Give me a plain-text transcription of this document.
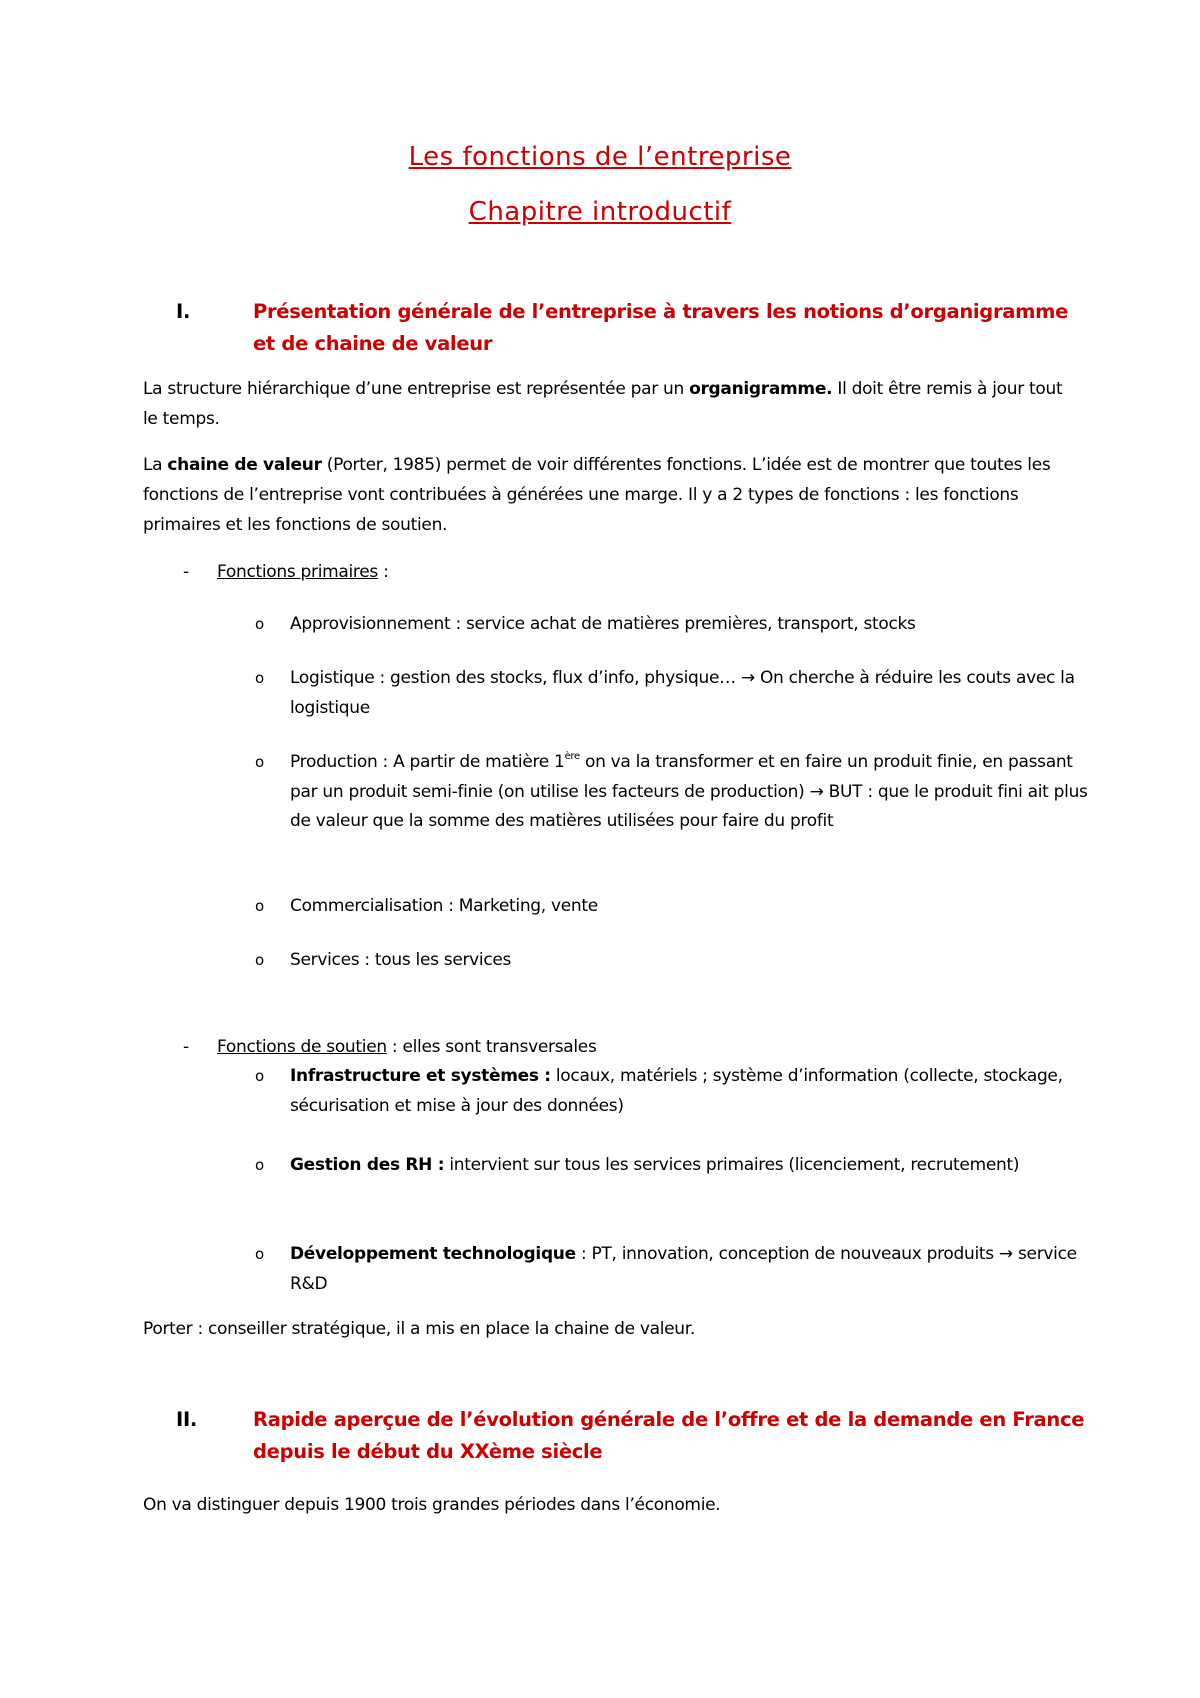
Les fonctions de l’entreprise
Chapitre introductif
I.	Présentation générale de l’entreprise à travers les notions d’organigramme et de chaine de valeur
La structure hiérarchique d’une entreprise est représentée par un organigramme. Il doit être remis à jour tout le temps.
La chaine de valeur (Porter, 1985) permet de voir différentes fonctions. L’idée est de montrer que toutes les fonctions de l’entreprise vont contribuées à générées une marge. Il y a 2 types de fonctions : les fonctions primaires et les fonctions de soutien.
- Fonctions primaires :
o Approvisionnement : service achat de matières premières, transport, stocks
o Logistique : gestion des stocks, flux d’info, physique… → On cherche à réduire les couts avec la logistique
o Production : A partir de matière 1ère on va la transformer et en faire un produit finie, en passant par un produit semi-finie (on utilise les facteurs de production) → BUT : que le produit fini ait plus de valeur que la somme des matières utilisées pour faire du profit
o Commercialisation : Marketing, vente
o Services : tous les services
- Fonctions de soutien : elles sont transversales
o Infrastructure et systèmes : locaux, matériels ; système d’information (collecte, stockage, sécurisation et mise à jour des données)
o Gestion des RH : intervient sur tous les services primaires (licenciement, recrutement)
o Développement technologique : PT, innovation, conception de nouveaux produits → service R&D
Porter : conseiller stratégique, il a mis en place la chaine de valeur.
II.	Rapide aperçue de l’évolution générale de l’offre et de la demande en France depuis le début du XXème siècle
On va distinguer depuis 1900 trois grandes périodes dans l’économie.
